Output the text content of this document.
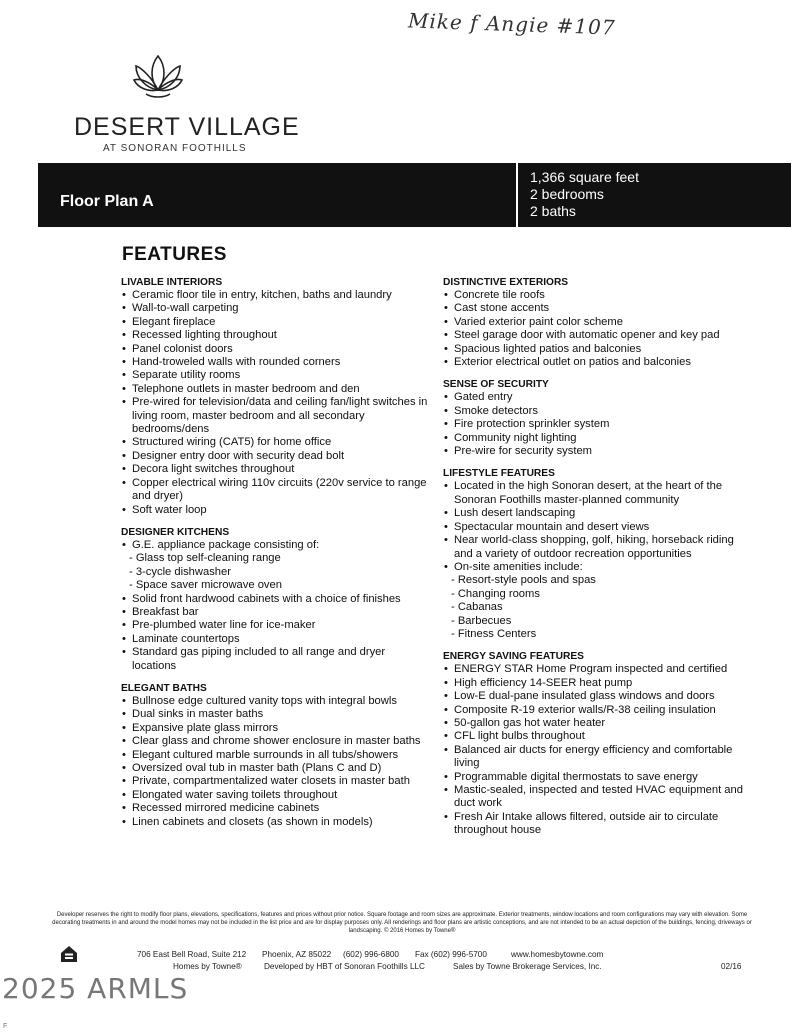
Mike f Angie #107
DESERT VILLAGE
AT SONORAN FOOTHILLS
Floor Plan A
1,366 square feet
2 bedrooms
2 baths
FEATURES
LIVABLE INTERIORS
• Ceramic floor tile in entry, kitchen, baths and laundry
• Wall-to-wall carpeting
• Elegant fireplace
• Recessed lighting throughout
• Panel colonist doors
• Hand-troweled walls with rounded corners
• Separate utility rooms
• Telephone outlets in master bedroom and den
• Pre-wired for television/data and ceiling fan/light switches in living room, master bedroom and all secondary bedrooms/dens
• Structured wiring (CAT5) for home office
• Designer entry door with security dead bolt
• Decora light switches throughout
• Copper electrical wiring 110v circuits (220v service to range and dryer)
• Soft water loop
DESIGNER KITCHENS
• G.E. appliance package consisting of:
- Glass top self-cleaning range
- 3-cycle dishwasher
- Space saver microwave oven
• Solid front hardwood cabinets with a choice of finishes
• Breakfast bar
• Pre-plumbed water line for ice-maker
• Laminate countertops
• Standard gas piping included to all range and dryer locations
ELEGANT BATHS
• Bullnose edge cultured vanity tops with integral bowls
• Dual sinks in master baths
• Expansive plate glass mirrors
• Clear glass and chrome shower enclosure in master baths
• Elegant cultured marble surrounds in all tubs/showers
• Oversized oval tub in master bath (Plans C and D)
• Private, compartmentalized water closets in master bath
• Elongated water saving toilets throughout
• Recessed mirrored medicine cabinets
• Linen cabinets and closets (as shown in models)
DISTINCTIVE EXTERIORS
• Concrete tile roofs
• Cast stone accents
• Varied exterior paint color scheme
• Steel garage door with automatic opener and key pad
• Spacious lighted patios and balconies
• Exterior electrical outlet on patios and balconies
SENSE OF SECURITY
• Gated entry
• Smoke detectors
• Fire protection sprinkler system
• Community night lighting
• Pre-wire for security system
LIFESTYLE FEATURES
• Located in the high Sonoran desert, at the heart of the Sonoran Foothills master-planned community
• Lush desert landscaping
• Spectacular mountain and desert views
• Near world-class shopping, golf, hiking, horseback riding and a variety of outdoor recreation opportunities
• On-site amenities include:
- Resort-style pools and spas
- Changing rooms
- Cabanas
- Barbecues
- Fitness Centers
ENERGY SAVING FEATURES
• ENERGY STAR Home Program inspected and certified
• High efficiency 14-SEER heat pump
• Low-E dual-pane insulated glass windows and doors
• Composite R-19 exterior walls/R-38 ceiling insulation
• 50-gallon gas hot water heater
• CFL light bulbs throughout
• Balanced air ducts for energy efficiency and comfortable living
• Programmable digital thermostats to save energy
• Mastic-sealed, inspected and tested HVAC equipment and duct work
• Fresh Air Intake allows filtered, outside air to circulate throughout house
Developer reserves the right to modify floor plans, elevations, specifications, features and prices without prior notice. Square footage and room sizes are approximate. Exterior treatments, window locations and room configurations may vary with elevation. Some decorating treatments in and around the model homes may not be included in the list price and are for display purposes only. All renderings and floor plans are artistic conceptions, and are not intended to be an actual depiction of the buildings, fencing, driveways or landscaping. © 2016 Homes by Towne®
706 East Bell Road, Suite 212 Phoenix, AZ 85022 (602) 996-6800 Fax (602) 996-5700	www.homesbytowne.com
Homes by Towne®	Developed by HBT of Sonoran Foothills LLC	Sales by Towne Brokerage Services, Inc.	02/16
2025 ARMLS
F
